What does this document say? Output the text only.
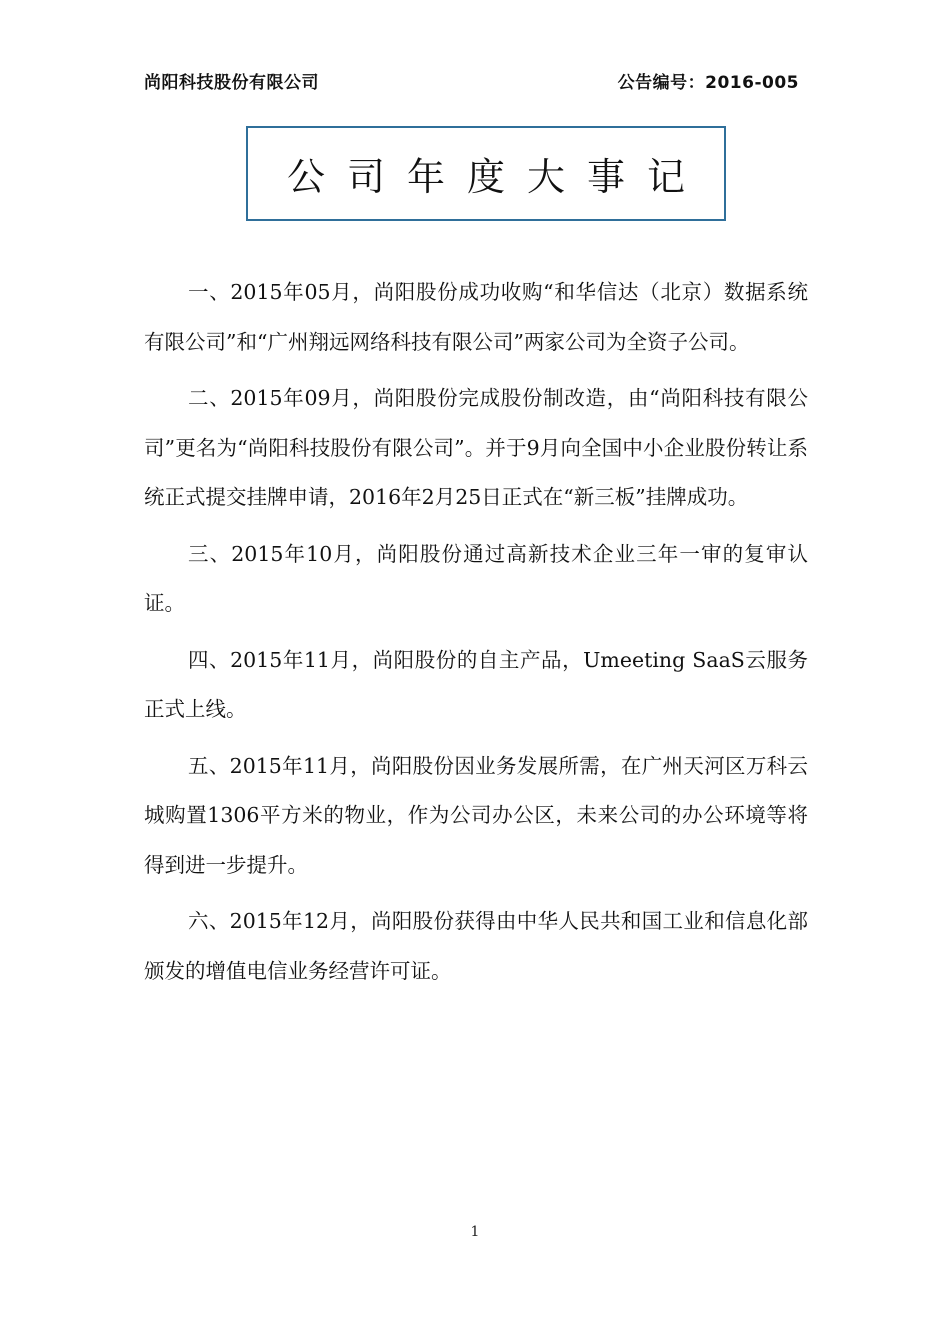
尚阳科技股份有限公司	公告编号：2016-005
公司年度大事记

一、2015年05月，尚阳股份成功收购“和华信达（北京）数据系统有限公司”和“广州翔远网络科技有限公司”两家公司为全资子公司。

二、2015年09月，尚阳股份完成股份制改造，由“尚阳科技有限公司”更名为“尚阳科技股份有限公司”。并于9月向全国中小企业股份转让系统正式提交挂牌申请，2016年2月25日正式在“新三板”挂牌成功。

三、2015年10月，尚阳股份通过高新技术企业三年一审的复审认证。

四、2015年11月，尚阳股份的自主产品，Umeeting SaaS云服务正式上线。

五、2015年11月，尚阳股份因业务发展所需，在广州天河区万科云城购置1306平方米的物业，作为公司办公区，未来公司的办公环境等将得到进一步提升。

六、2015年12月，尚阳股份获得由中华人民共和国工业和信息化部颁发的增值电信业务经营许可证。

1
